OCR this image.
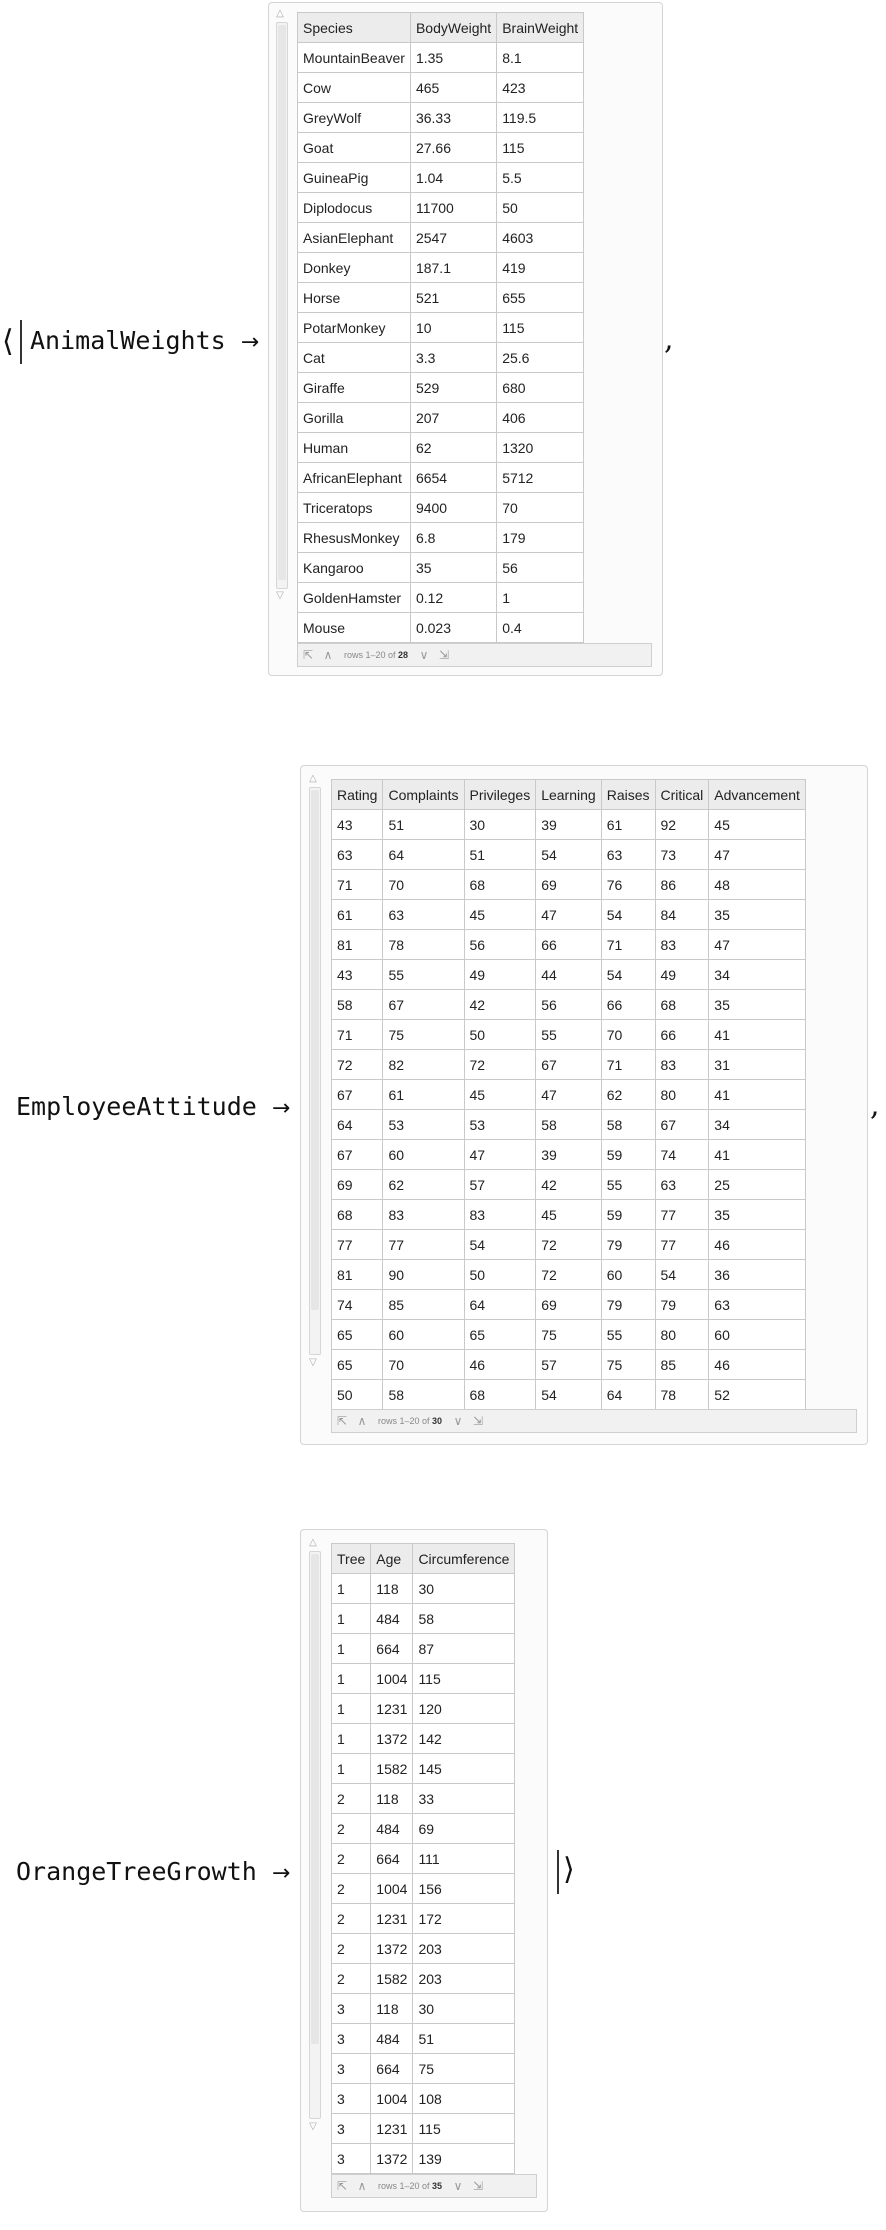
⟨ AnimalWeights →
△
▽
Species	BodyWeight	BrainWeight
MountainBeaver	1.35	8.1
Cow	465	423
GreyWolf	36.33	119.5
Goat	27.66	115
GuineaPig	1.04	5.5
Diplodocus	11700	50
AsianElephant	2547	4603
Donkey	187.1	419
Horse	521	655
PotarMonkey	10	115
Cat	3.3	25.6
Giraffe	529	680
Gorilla	207	406
Human	62	1320
AfricanElephant	6654	5712
Triceratops	9400	70
RhesusMonkey	6.8	179
Kangaroo	35	56
GoldenHamster	0.12	1
Mouse	0.023	0.4
⇱ ∧	rows 1–20 of 28 ∨ ⇲
,
EmployeeAttitude →
△
▽
Rating	Complaints	Privileges	Learning	Raises	Critical	Advancement
43	51	30	39	61	92	45
63	64	51	54	63	73	47
71	70	68	69	76	86	48
61	63	45	47	54	84	35
81	78	56	66	71	83	47
43	55	49	44	54	49	34
58	67	42	56	66	68	35
71	75	50	55	70	66	41
72	82	72	67	71	83	31
67	61	45	47	62	80	41
64	53	53	58	58	67	34
67	60	47	39	59	74	41
69	62	57	42	55	63	25
68	83	83	45	59	77	35
77	77	54	72	79	77	46
81	90	50	72	60	54	36
74	85	64	69	79	79	63
65	60	65	75	55	80	60
65	70	46	57	75	85	46
50	58	68	54	64	78	52
⇱ ∧	rows 1–20 of 30 ∨ ⇲
,
OrangeTreeGrowth →
△
▽
Tree	Age	Circumference
1	118	30
1	484	58
1	664	87
1	1004	115
1	1231	120
1	1372	142
1	1582	145
2	118	33
2	484	69
2	664	111
2	1004	156
2	1231	172
2	1372	203
2	1582	203
3	118	30
3	484	51
3	664	75
3	1004	108
3	1231	115
3	1372	139
⇱ ∧	rows 1–20 of 35 ∨ ⇲
⟩
